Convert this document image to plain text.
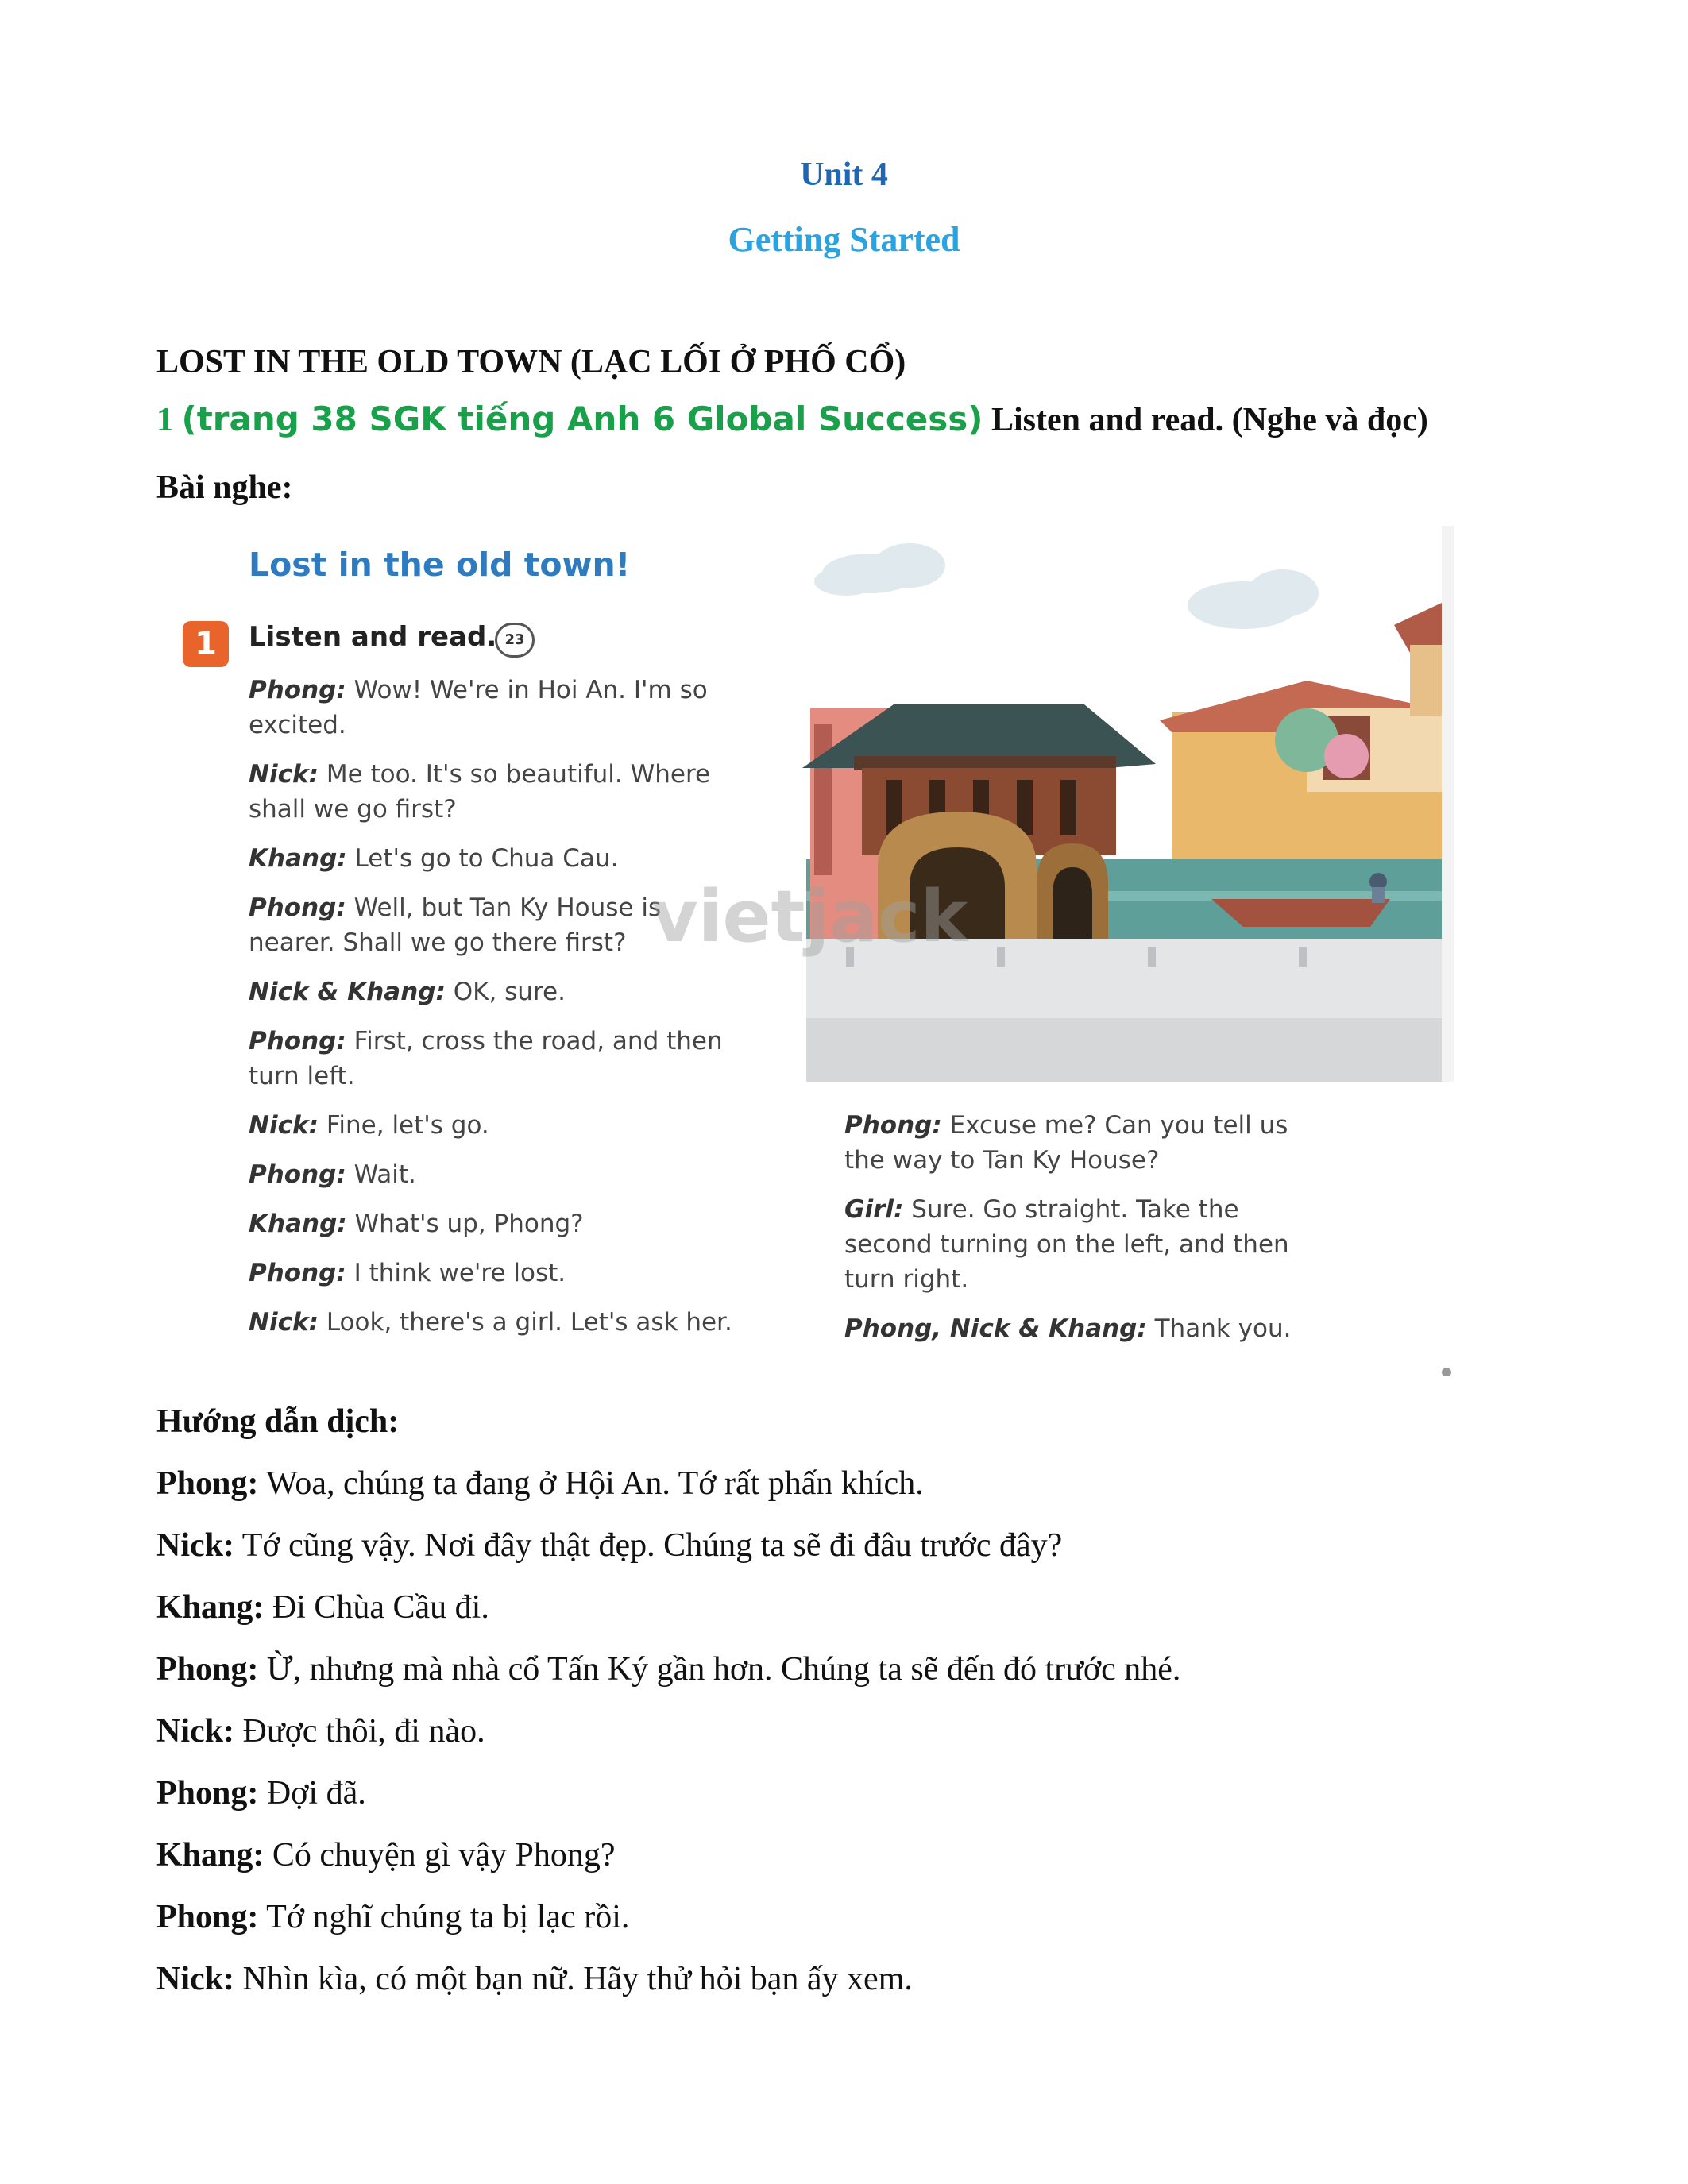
Unit 4
Getting Started
LOST IN THE OLD TOWN (LẠC LỐI Ở PHỐ CỔ)
1 (trang 38 SGK tiếng Anh 6 Global Success) Listen and read. (Nghe và đọc)
Bài nghe:
Lost in the old town!
1	Listen and read. 23
Phong: Wow! We're in Hoi An. I'm so
excited.
Nick: Me too. It's so beautiful. Where
shall we go first?
Khang: Let's go to Chua Cau.
Phong: Well, but Tan Ky House is
nearer. Shall we go there first?
Nick & Khang: OK, sure.
Phong: First, cross the road, and then
turn left.
Nick: Fine, let's go.
Phong: Wait.
Khang: What's up, Phong?
Phong: I think we're lost.
Nick: Look, there's a girl. Let's ask her.
vietjack
Phong: Excuse me? Can you tell us
the way to Tan Ky House?
Girl: Sure. Go straight. Take the
second turning on the left, and then
turn right.
Phong, Nick & Khang: Thank you.
Hướng dẫn dịch:
Phong: Woa, chúng ta đang ở Hội An. Tớ rất phấn khích.
Nick: Tớ cũng vậy. Nơi đây thật đẹp. Chúng ta sẽ đi đâu trước đây?
Khang: Đi Chùa Cầu đi.
Phong: Ừ, nhưng mà nhà cổ Tấn Ký gần hơn. Chúng ta sẽ đến đó trước nhé.
Nick: Được thôi, đi nào.
Phong: Đợi đã.
Khang: Có chuyện gì vậy Phong?
Phong: Tớ nghĩ chúng ta bị lạc rồi.
Nick: Nhìn kìa, có một bạn nữ. Hãy thử hỏi bạn ấy xem.
